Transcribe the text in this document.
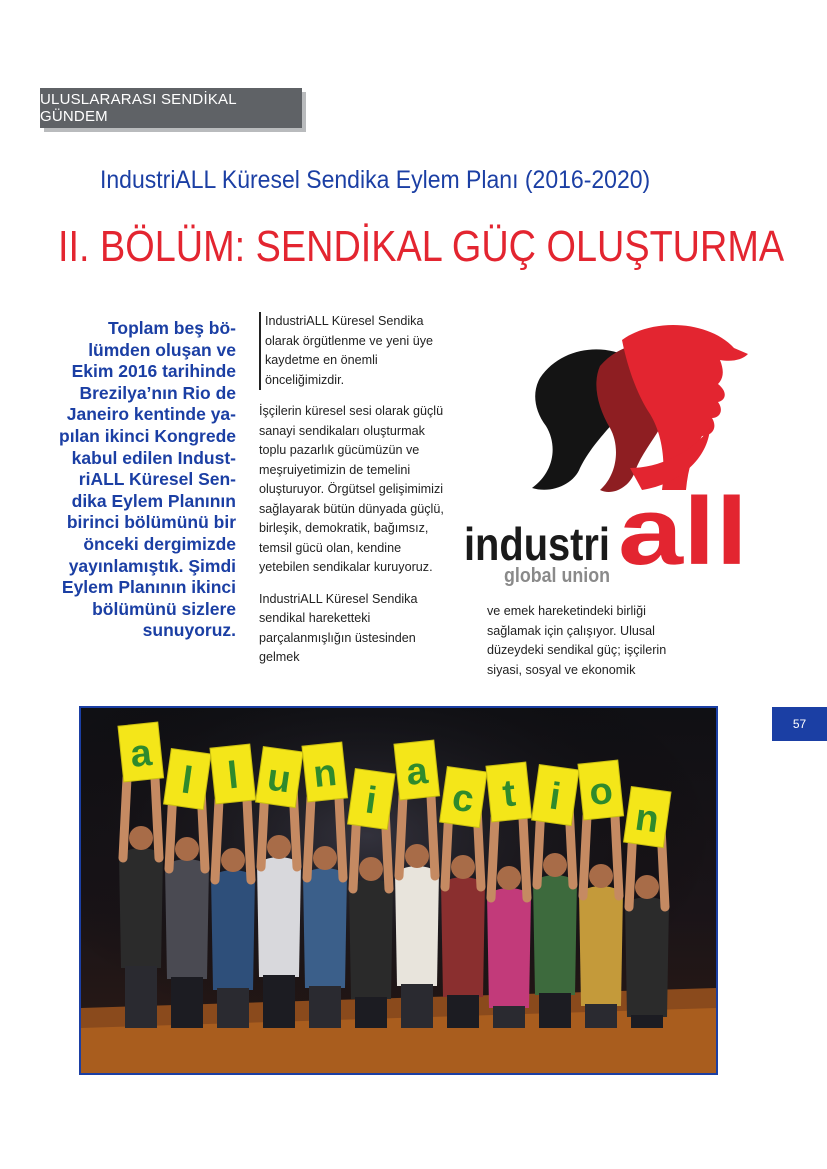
ULUSLARARASI SENDİKAL GÜNDEM
IndustriALL Küresel Sendika Eylem Planı (2016-2020)
II. BÖLÜM: SENDİKAL GÜÇ OLUŞTURMA
Toplam beş bö-lümden oluşan ve Ekim 2016 tarihinde Brezilya’nın Rio de Janeiro kentinde ya-pılan ikinci Kongrede kabul edilen Indust-riALL Küresel Sen-dika Eylem Planının birinci bölümünü bir önceki dergimizde yayınlamıştık. Şimdi Eylem Planının ikinci bölümünü sizlere sunuyoruz.

IndustriALL Küresel Sendika olarak örgütlenme ve yeni üye kaydetme en önemli önceliğimizdir.

İşçilerin küresel sesi olarak güçlü sanayi sendikaları oluşturmak toplu pazarlık gücümüzün ve meşruiyetimizin de temelini oluşturuyor. Örgütsel gelişimimizi sağlayarak bütün dünyada güçlü, birleşik, demokratik, bağımsız, temsil gücü olan, kendine yetebilen sendikalar kuruyoruz.

IndustriALL Küresel Sendika sendikal hareketteki parçalanmışlığın üstesinden gelmek

ve emek hareketindeki birliği sağlamak için çalışıyor. Ulusal düzeydeki sendikal güç; işçilerin siyasi, sosyal ve ekonomik

industri all
global union
57
a
l l u n
i
a
c t i o
n
